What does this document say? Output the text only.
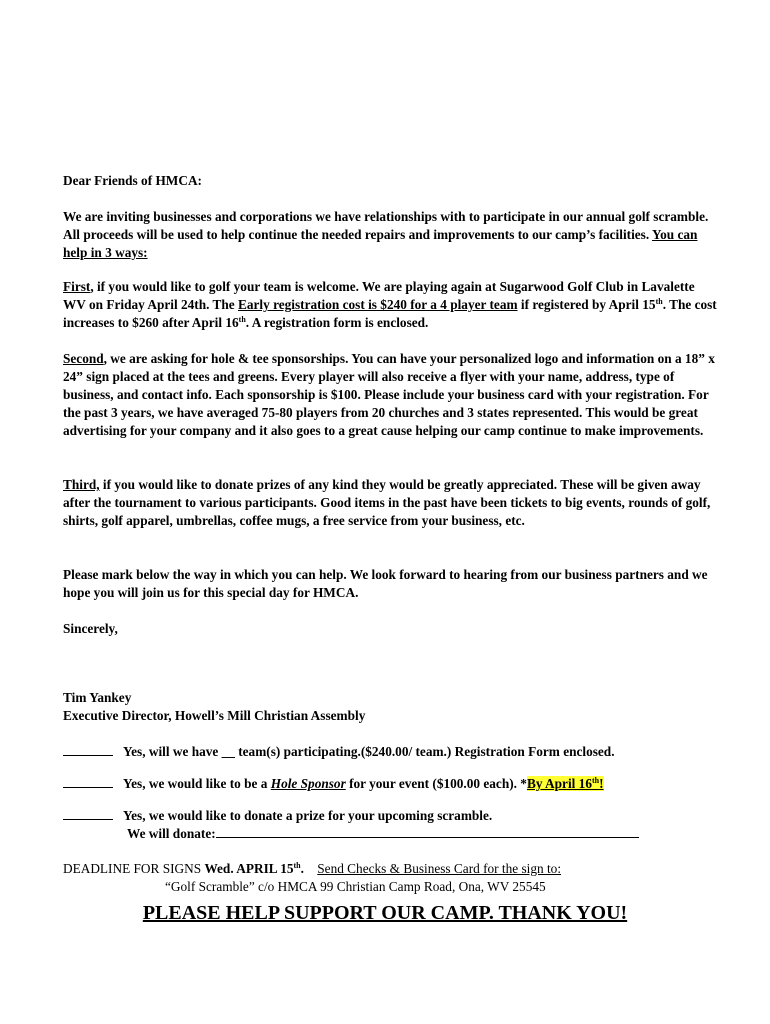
Dear Friends of HMCA:

We are inviting businesses and corporations we have relationships with to participate in our annual golf scramble. All proceeds will be used to help continue the needed repairs and improvements to our camp’s facilities. You can help in 3 ways:

First, if you would like to golf your team is welcome. We are playing again at Sugarwood Golf Club in Lavalette WV on Friday April 24th. The Early registration cost is $240 for a 4 player team if registered by April 15th. The cost increases to $260 after April 16th. A registration form is enclosed.

Second, we are asking for hole & tee sponsorships. You can have your personalized logo and information on a 18” x 24” sign placed at the tees and greens. Every player will also receive a flyer with your name, address, type of business, and contact info. Each sponsorship is $100. Please include your business card with your registration. For the past 3 years, we have averaged 75-80 players from 20 churches and 3 states represented. This would be great advertising for your company and it also goes to a great cause helping our camp continue to make improvements.

Third, if you would like to donate prizes of any kind they would be greatly appreciated. These will be given away after the tournament to various participants. Good items in the past have been tickets to big events, rounds of golf, shirts, golf apparel, umbrellas, coffee mugs, a free service from your business, etc.

Please mark below the way in which you can help. We look forward to hearing from our business partners and we hope you will join us for this special day for HMCA.

Sincerely,

Tim Yankey

Executive Director, Howell’s Mill Christian Assembly

Yes, will we have __ team(s) participating.($240.00/ team.) Registration Form enclosed.

Yes, we would like to be a Hole Sponsor for your event ($100.00 each). *By April 16th!

Yes, we would like to donate a prize for your upcoming scramble.

We will donate:

DEADLINE FOR SIGNS Wed. APRIL 15th. Send Checks & Business Card for the sign to:
“Golf Scramble” c/o HMCA 99 Christian Camp Road, Ona, WV 25545
PLEASE HELP SUPPORT OUR CAMP. THANK YOU!
